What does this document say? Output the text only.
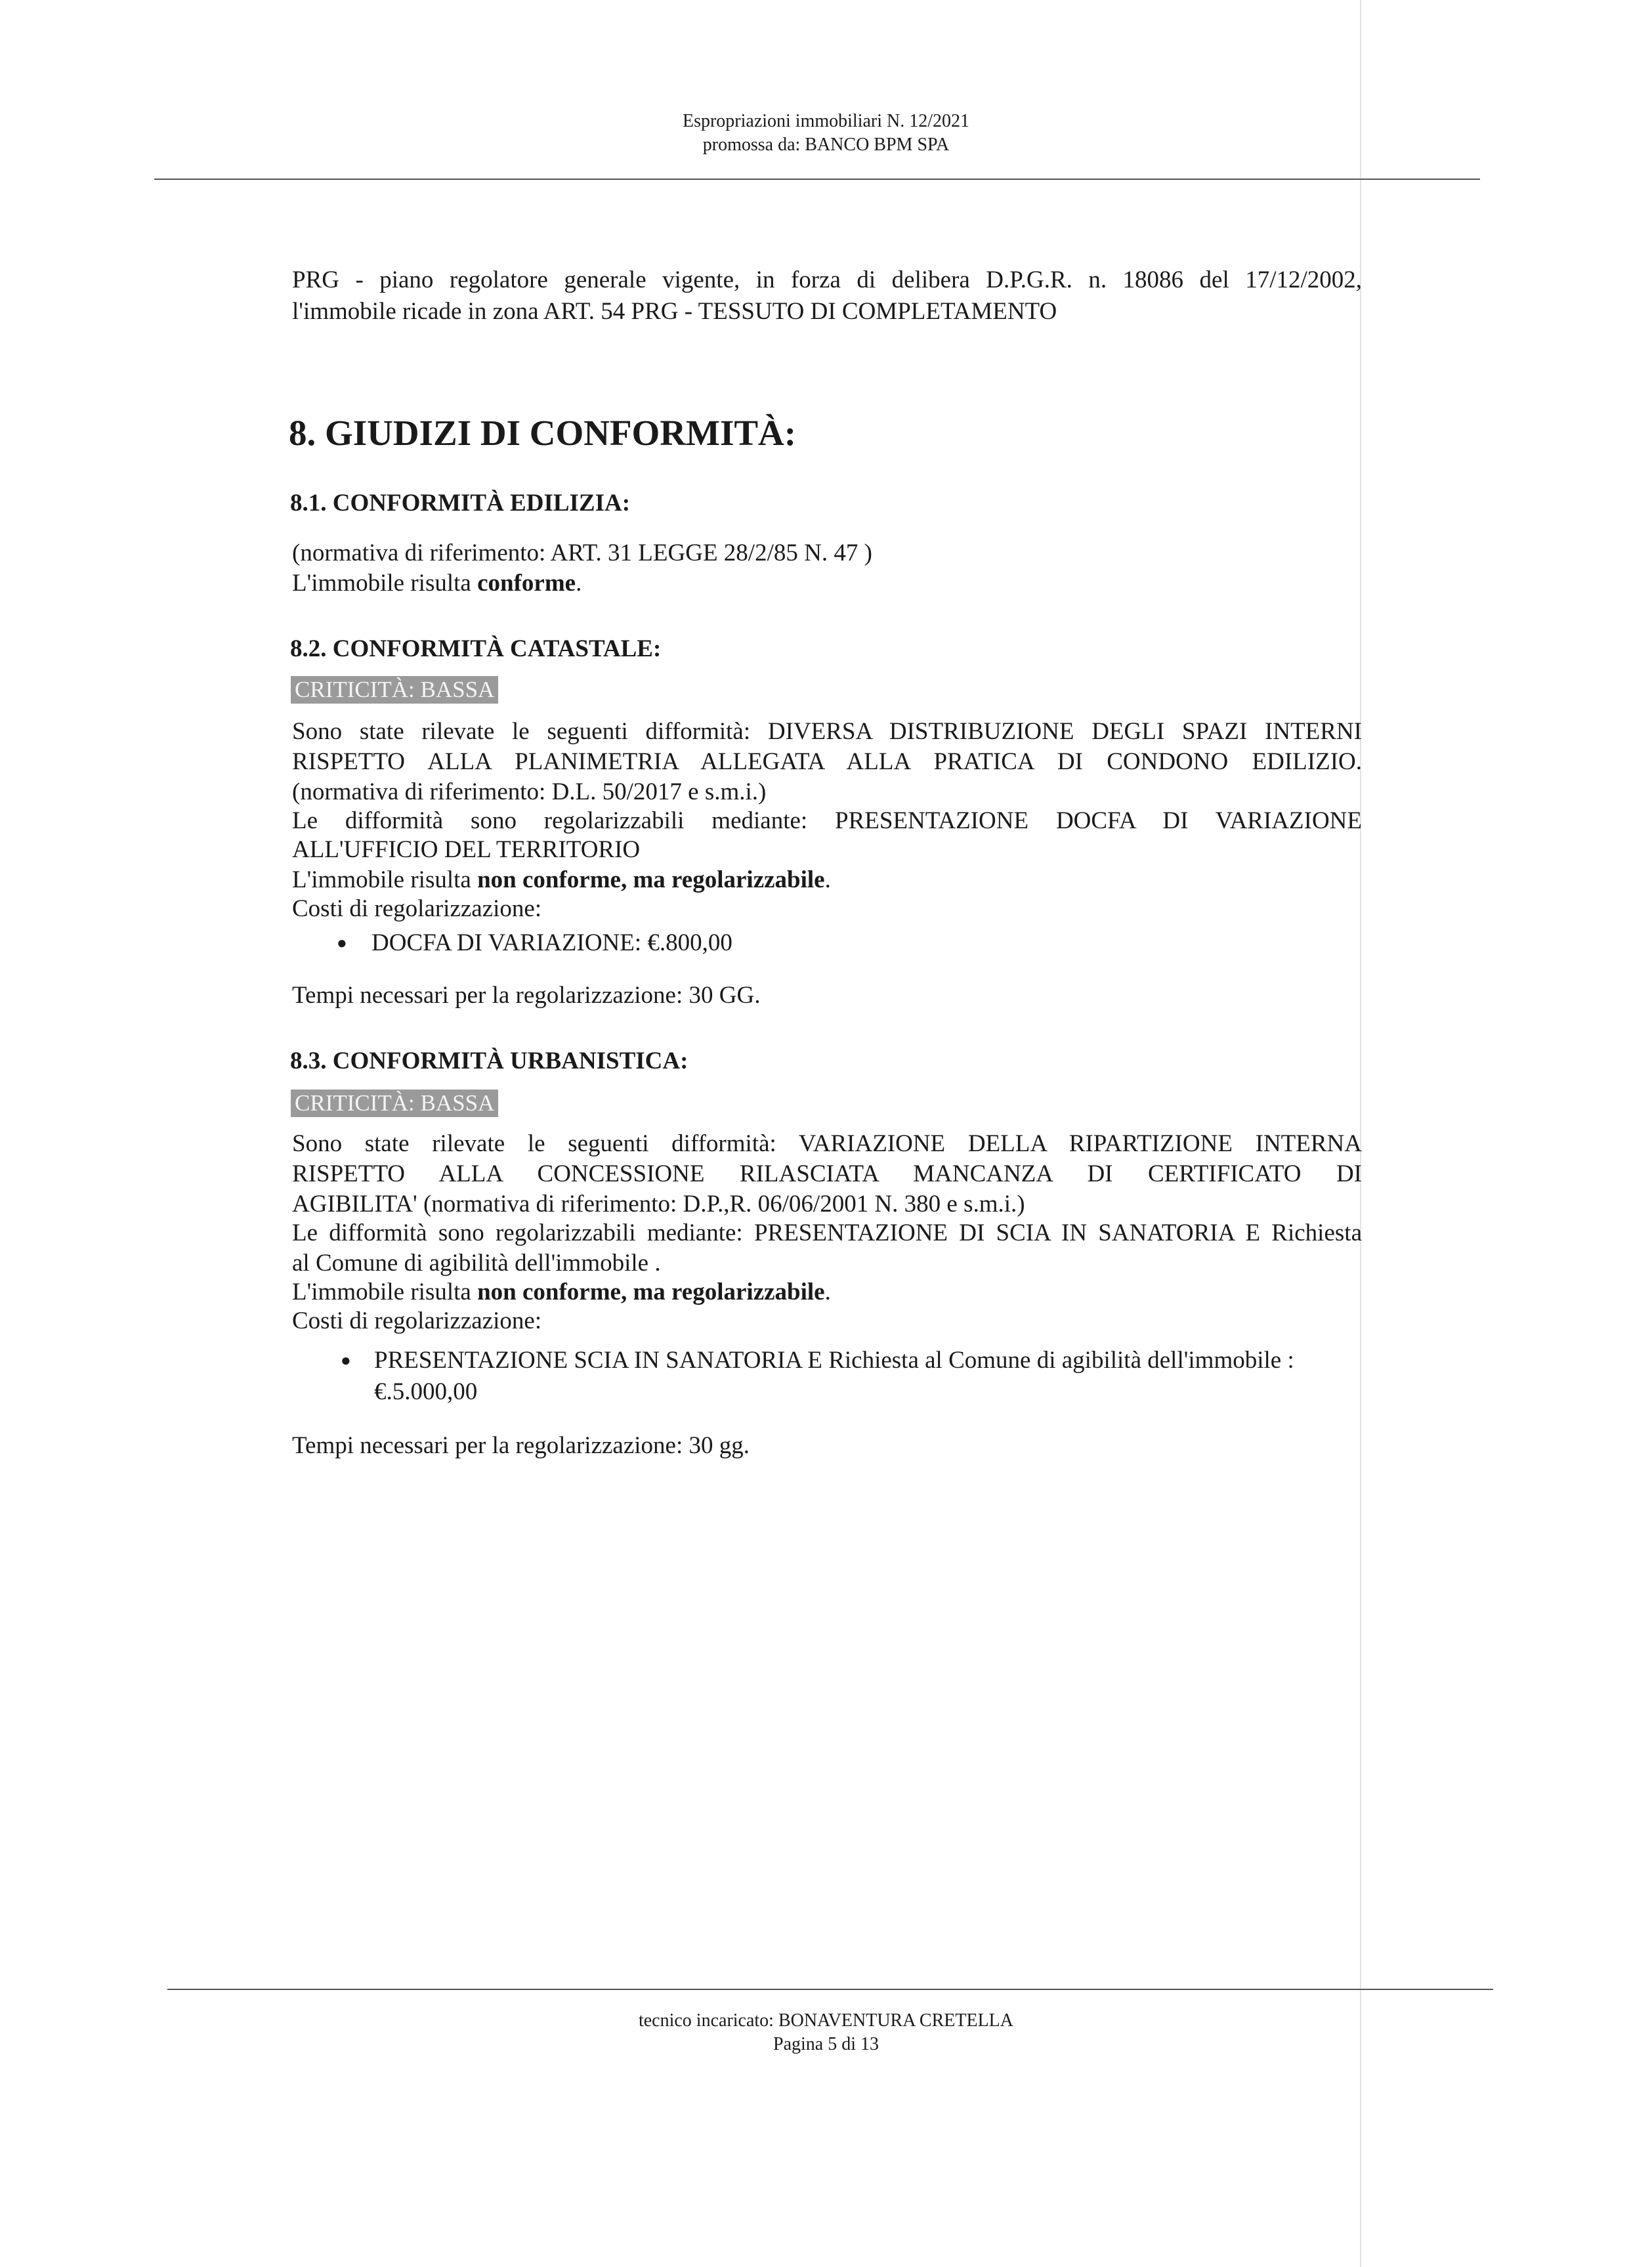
Espropriazioni immobiliari N. 12/2021
promossa da: BANCO BPM SPA
PRG - piano regolatore generale vigente, in forza di delibera D.P.G.R. n. 18086 del 17/12/2002,
l'immobile ricade in zona ART. 54 PRG - TESSUTO DI COMPLETAMENTO
8. GIUDIZI DI CONFORMITÀ:
8.1. CONFORMITÀ EDILIZIA:
(normativa di riferimento: ART. 31 LEGGE 28/2/85 N. 47 )
L'immobile risulta conforme.
8.2. CONFORMITÀ CATASTALE:
CRITICITÀ: BASSA
Sono state rilevate le seguenti difformità: DIVERSA DISTRIBUZIONE DEGLI SPAZI INTERNI
RISPETTO ALLA PLANIMETRIA ALLEGATA ALLA PRATICA DI CONDONO EDILIZIO.
(normativa di riferimento: D.L. 50/2017 e s.m.i.)
Le difformità sono regolarizzabili mediante: PRESENTAZIONE DOCFA DI VARIAZIONE
ALL'UFFICIO DEL TERRITORIO
L'immobile risulta non conforme, ma regolarizzabile.
Costi di regolarizzazione:
● DOCFA DI VARIAZIONE: €.800,00
Tempi necessari per la regolarizzazione: 30 GG.
8.3. CONFORMITÀ URBANISTICA:
CRITICITÀ: BASSA
Sono state rilevate le seguenti difformità: VARIAZIONE DELLA RIPARTIZIONE INTERNA
RISPETTO ALLA CONCESSIONE RILASCIATA MANCANZA DI CERTIFICATO DI
AGIBILITA' (normativa di riferimento: D.P.,R. 06/06/2001 N. 380 e s.m.i.)
Le difformità sono regolarizzabili mediante: PRESENTAZIONE DI SCIA IN SANATORIA E Richiesta
al Comune di agibilità dell'immobile .
L'immobile risulta non conforme, ma regolarizzabile.
Costi di regolarizzazione:
● PRESENTAZIONE SCIA IN SANATORIA E Richiesta al Comune di agibilità dell'immobile :
€.5.000,00
Tempi necessari per la regolarizzazione: 30 gg.
tecnico incaricato: BONAVENTURA CRETELLA
Pagina 5 di 13
